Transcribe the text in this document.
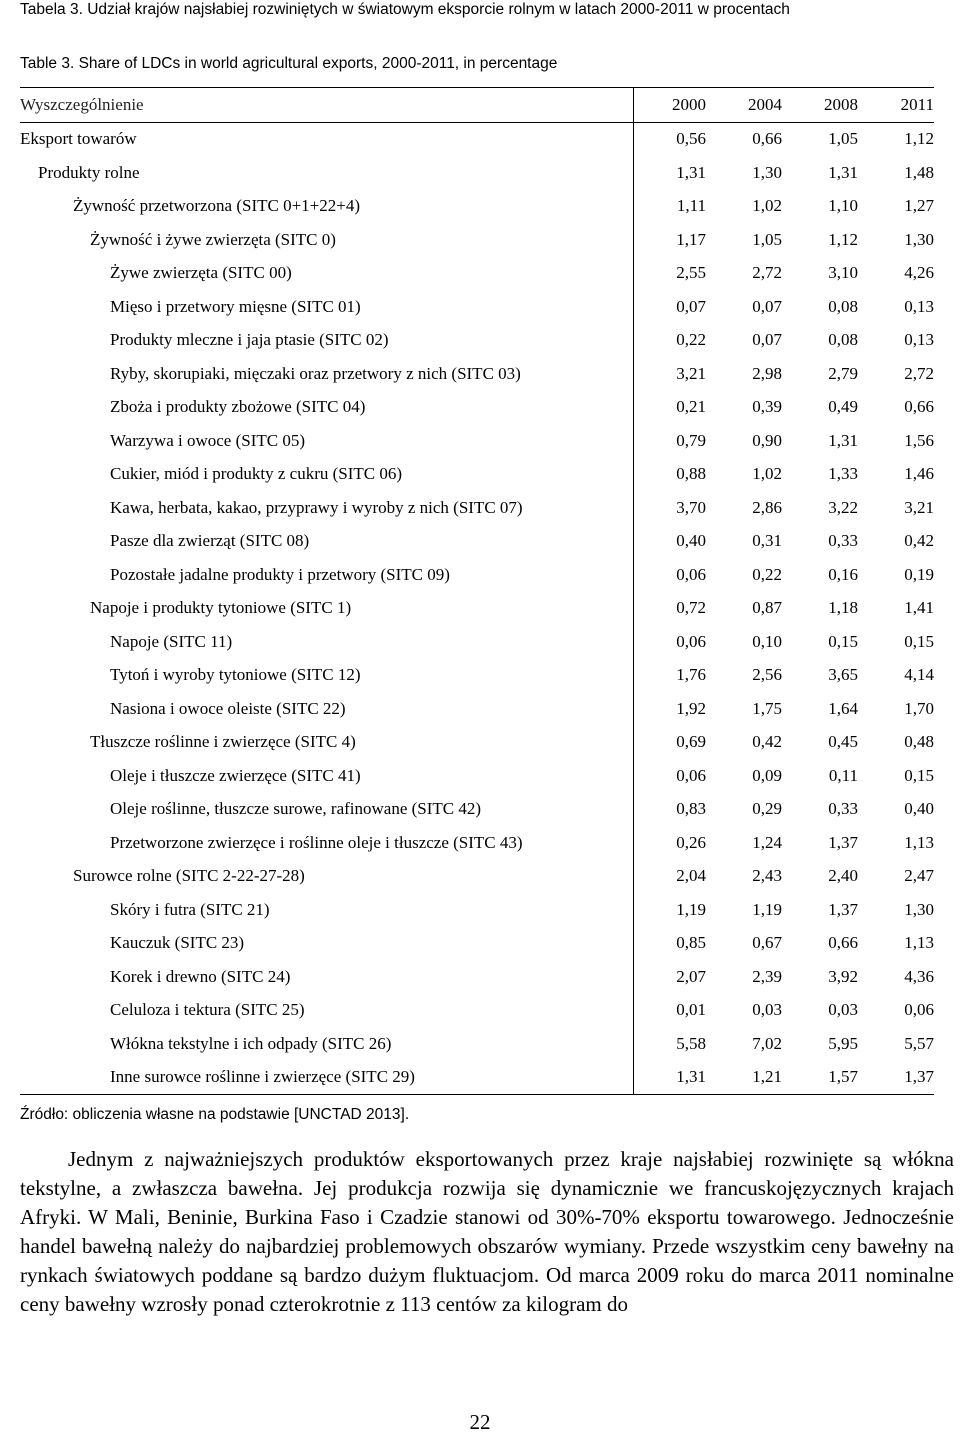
Tabela 3. Udział krajów najsłabiej rozwiniętych w światowym eksporcie rolnym w latach 2000-2011 w procentach
Table 3. Share of LDCs in world agricultural exports, 2000-2011, in percentage
Wyszczególnienie	2000	2004	2008	2011
Eksport towarów	0,56	0,66	1,05	1,12
Produkty rolne	1,31	1,30	1,31	1,48
Żywność przetworzona (SITC 0+1+22+4)	1,11	1,02	1,10	1,27
Żywność i żywe zwierzęta (SITC 0)	1,17	1,05	1,12	1,30
Żywe zwierzęta (SITC 00)	2,55	2,72	3,10	4,26
Mięso i przetwory mięsne (SITC 01)	0,07	0,07	0,08	0,13
Produkty mleczne i jaja ptasie (SITC 02)	0,22	0,07	0,08	0,13
Ryby, skorupiaki, mięczaki oraz przetwory z nich (SITC 03)	3,21	2,98	2,79	2,72
Zboża i produkty zbożowe (SITC 04)	0,21	0,39	0,49	0,66
Warzywa i owoce (SITC 05)	0,79	0,90	1,31	1,56
Cukier, miód i produkty z cukru (SITC 06)	0,88	1,02	1,33	1,46
Kawa, herbata, kakao, przyprawy i wyroby z nich (SITC 07)	3,70	2,86	3,22	3,21
Pasze dla zwierząt (SITC 08)	0,40	0,31	0,33	0,42
Pozostałe jadalne produkty i przetwory (SITC 09)	0,06	0,22	0,16	0,19
Napoje i produkty tytoniowe (SITC 1)	0,72	0,87	1,18	1,41
Napoje (SITC 11)	0,06	0,10	0,15	0,15
Tytoń i wyroby tytoniowe (SITC 12)	1,76	2,56	3,65	4,14
Nasiona i owoce oleiste (SITC 22)	1,92	1,75	1,64	1,70
Tłuszcze roślinne i zwierzęce (SITC 4)	0,69	0,42	0,45	0,48
Oleje i tłuszcze zwierzęce (SITC 41)	0,06	0,09	0,11	0,15
Oleje roślinne, tłuszcze surowe, rafinowane (SITC 42)	0,83	0,29	0,33	0,40
Przetworzone zwierzęce i roślinne oleje i tłuszcze (SITC 43)	0,26	1,24	1,37	1,13
Surowce rolne (SITC 2-22-27-28)	2,04	2,43	2,40	2,47
Skóry i futra (SITC 21)	1,19	1,19	1,37	1,30
Kauczuk (SITC 23)	0,85	0,67	0,66	1,13
Korek i drewno (SITC 24)	2,07	2,39	3,92	4,36
Celuloza i tektura (SITC 25)	0,01	0,03	0,03	0,06
Włókna tekstylne i ich odpady (SITC 26)	5,58	7,02	5,95	5,57
Inne surowce roślinne i zwierzęce (SITC 29)	1,31	1,21	1,57	1,37
Źródło: obliczenia własne na podstawie [UNCTAD 2013].

Jednym z najważniejszych produktów eksportowanych przez kraje najsłabiej rozwinięte są włókna tekstylne, a zwłaszcza bawełna. Jej produkcja rozwija się dynamicznie we francuskojęzycznych krajach Afryki. W Mali, Beninie, Burkina Faso i Czadzie stanowi od 30%-70% eksportu towarowego. Jednocześnie handel bawełną należy do najbardziej problemowych obszarów wymiany. Przede wszystkim ceny bawełny na rynkach światowych poddane są bardzo dużym fluktuacjom. Od marca 2009 roku do marca 2011 nominalne ceny bawełny wzrosły ponad czterokrotnie z 113 centów za kilogram do

22
